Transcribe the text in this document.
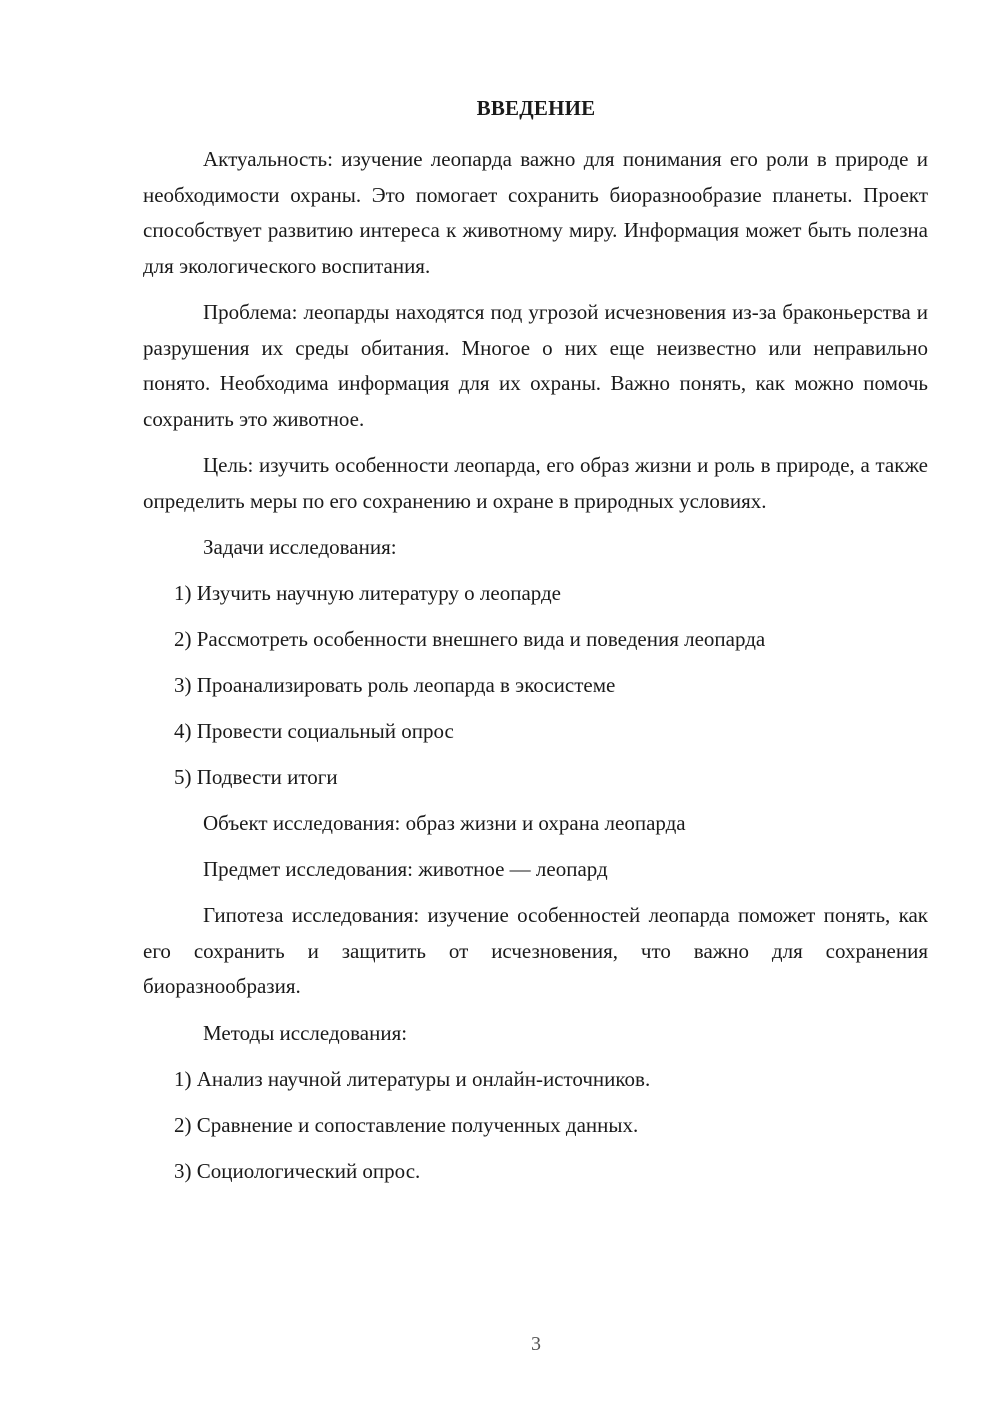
ВВЕДЕНИЕ

Актуальность: изучение леопарда важно для понимания его роли в природе и необходимости охраны. Это помогает сохранить биоразнообразие планеты. Проект способствует развитию интереса к животному миру. Информация может быть полезна для экологического воспитания.

Проблема: леопарды находятся под угрозой исчезновения из-за браконьерства и разрушения их среды обитания. Многое о них еще неизвестно или неправильно понято. Необходима информация для их охраны. Важно понять, как можно помочь сохранить это животное.

Цель: изучить особенности леопарда, его образ жизни и роль в природе, а также определить меры по его сохранению и охране в природных условиях.

Задачи исследования:

1) Изучить научную литературу о леопарде

2) Рассмотреть особенности внешнего вида и поведения леопарда

3) Проанализировать роль леопарда в экосистеме

4) Провести социальный опрос

5) Подвести итоги

Объект исследования: образ жизни и охрана леопарда

Предмет исследования: животное — леопард

Гипотеза исследования: изучение особенностей леопарда поможет понять, как его сохранить и защитить от исчезновения, что важно для сохранения биоразнообразия.

Методы исследования:

1) Анализ научной литературы и онлайн-источников.

2) Сравнение и сопоставление полученных данных.

3) Социологический опрос.

3
